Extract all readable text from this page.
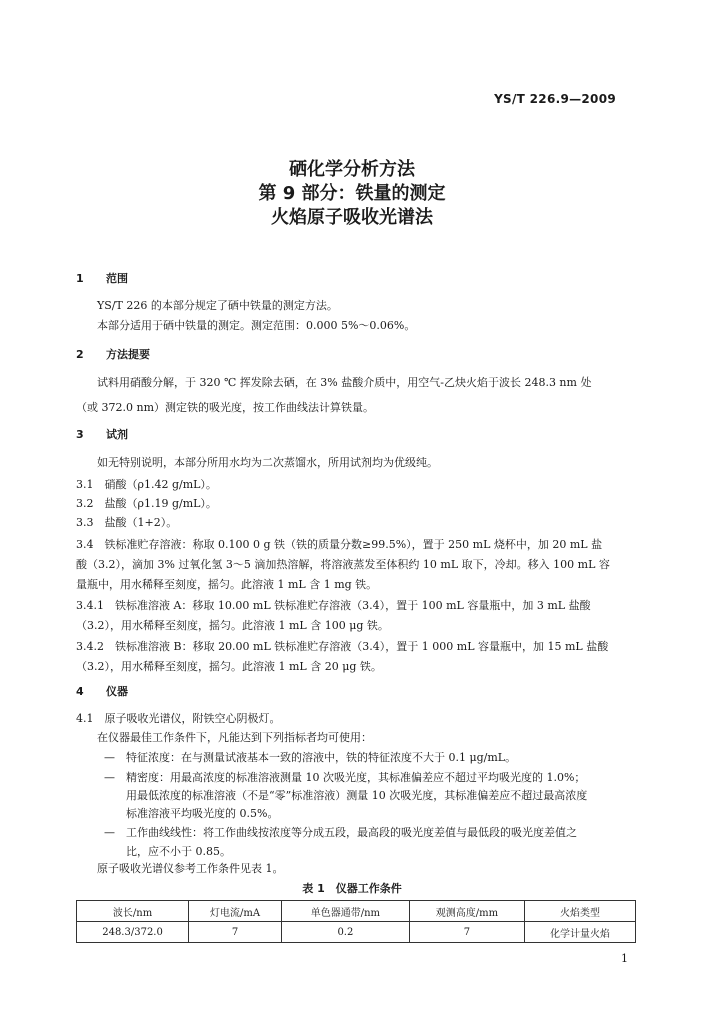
YS/T 226.9—2009
硒化学分析方法
第 9 部分：铁量的测定
火焰原子吸收光谱法
1 范围
YS/T 226 的本部分规定了硒中铁量的测定方法。
本部分适用于硒中铁量的测定。测定范围：0.000 5%～0.06%。
2 方法提要
试料用硝酸分解，于 320 ℃ 挥发除去硒，在 3% 盐酸介质中，用空气-乙炔火焰于波长 248.3 nm 处
（或 372.0 nm）测定铁的吸光度，按工作曲线法计算铁量。
3 试剂
如无特别说明，本部分所用水均为二次蒸馏水，所用试剂均为优级纯。
3.1　硝酸（ρ1.42 g/mL）。
3.2　盐酸（ρ1.19 g/mL）。
3.3　盐酸（1+2）。
3.4　铁标准贮存溶液：称取 0.100 0 g 铁（铁的质量分数≥99.5%），置于 250 mL 烧杯中，加 20 mL 盐
酸（3.2），滴加 3% 过氧化氢 3～5 滴加热溶解，将溶液蒸发至体积约 10 mL 取下，冷却。移入 100 mL 容
量瓶中，用水稀释至刻度，摇匀。此溶液 1 mL 含 1 mg 铁。
3.4.1　铁标准溶液 A：移取 10.00 mL 铁标准贮存溶液（3.4），置于 100 mL 容量瓶中，加 3 mL 盐酸
（3.2），用水稀释至刻度，摇匀。此溶液 1 mL 含 100 μg 铁。
3.4.2　铁标准溶液 B：移取 20.00 mL 铁标准贮存溶液（3.4），置于 1 000 mL 容量瓶中，加 15 mL 盐酸
（3.2），用水稀释至刻度，摇匀。此溶液 1 mL 含 20 μg 铁。
4 仪器
4.1　原子吸收光谱仪，附铁空心阴极灯。
在仪器最佳工作条件下，凡能达到下列指标者均可使用：
— 特征浓度：在与测量试液基本一致的溶液中，铁的特征浓度不大于 0.1 μg/mL。
— 精密度：用最高浓度的标准溶液测量 10 次吸光度，其标准偏差应不超过平均吸光度的 1.0%；
用最低浓度的标准溶液（不是“零”标准溶液）测量 10 次吸光度，其标准偏差应不超过最高浓度
标准溶液平均吸光度的 0.5%。
— 工作曲线线性：将工作曲线按浓度等分成五段，最高段的吸光度差值与最低段的吸光度差值之
比，应不小于 0.85。
原子吸收光谱仪参考工作条件见表 1。
表 1　仪器工作条件
波长/nm	灯电流/mA	单色器通带/nm	观测高度/mm	火焰类型
248.3/372.0	7	0.2	7	化学计量火焰
1
